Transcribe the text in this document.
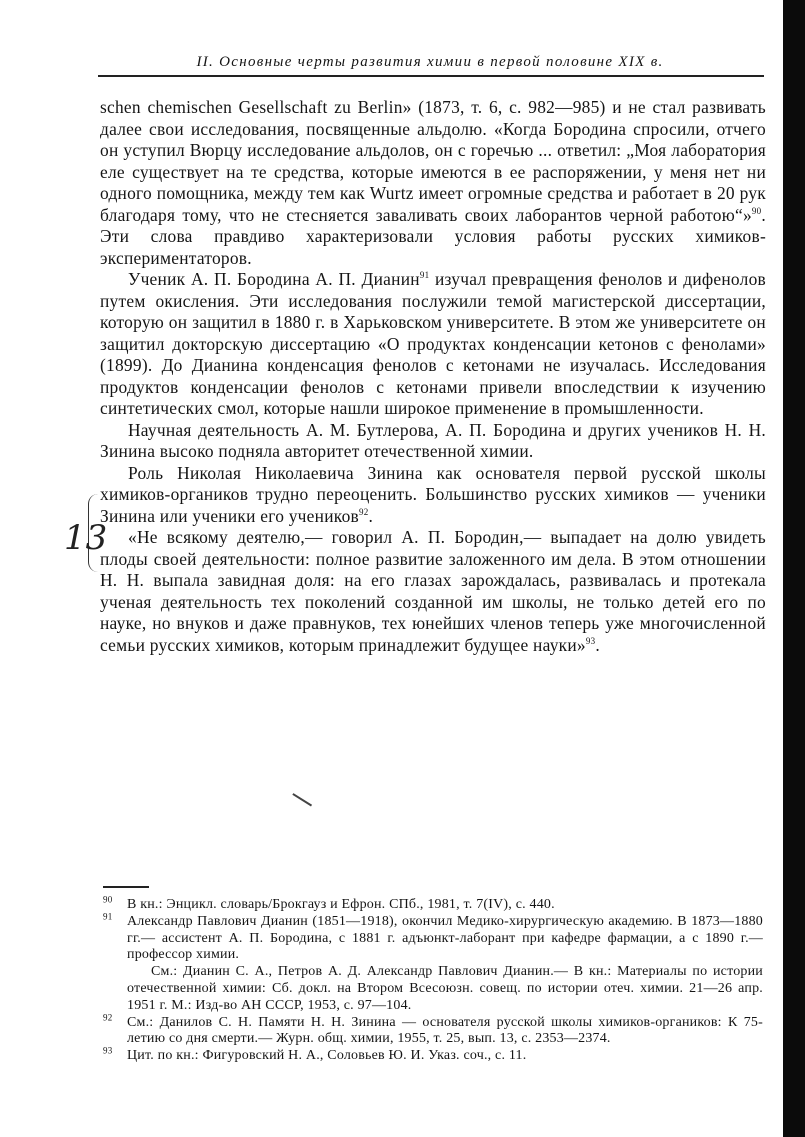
II. Основные черты развития химии в первой половине XIX в.

schen chemischen Gesellschaft zu Berlin» (1873, т. 6, с. 982—985) и не стал развивать далее свои исследования, посвященные альдолю. «Когда Бородина спросили, отчего он уступил Вюрцу исследование альдолов, он с горечью ... ответил: „Моя лаборатория еле существует на те средства, которые имеются в ее распоряжении, у меня нет ни одного помощника, между тем как Wurtz имеет огромные средства и работает в 20 рук благодаря тому, что не стесняется заваливать своих лаборантов черной работою“»$^{90}$. Эти слова правдиво характеризовали условия работы русских химиков-экспериментаторов.

Ученик А. П. Бородина А. П. Дианин$^{91}$ изучал превращения фенолов и дифенолов путем окисления. Эти исследования послужили темой магистерской диссертации, которую он защитил в 1880 г. в Харьковском университете. В этом же университете он защитил докторскую диссертацию «О продуктах конденсации кетонов с фенолами» (1899). До Дианина конденсация фенолов с кетонами не изучалась. Исследования продуктов конденсации фенолов с кетонами привели впоследствии к изучению синтетических смол, которые нашли широкое применение в промышленности.

Научная деятельность А. М. Бутлерова, А. П. Бородина и других учеников Н. Н. Зинина высоко подняла авторитет отечественной химии.

Роль Николая Николаевича Зинина как основателя первой русской школы химиков-органиков трудно переоценить. Большинство русских химиков — ученики Зинина или ученики его учеников$^{92}$.

«Не всякому деятелю,— говорил А. П. Бородин,— выпадает на долю увидеть плоды своей деятельности: полное развитие заложенного им дела. В этом отношении Н. Н. выпала завидная доля: на его глазах зарождалась, развивалась и протекала ученая деятельность тех поколений созданной им школы, не только детей его по науке, но внуков и даже правнуков, тех юнейших членов теперь уже многочисленной семьи русских химиков, которым принадлежит будущее науки»$^{93}$.

13

$^{90}$ В кн.: Энцикл. словарь/Брокгауз и Ефрон. СПб., 1981, т. 7(IV), с. 440.

$^{91}$ Александр Павлович Дианин (1851—1918), окончил Медико-хирургическую академию. В 1873—1880 гг.— ассистент А. П. Бородина, с 1881 г. адъюнкт-лаборант при кафедре фармации, а с 1890 г.— профессор химии.

См.: Дианин С. А., Петров А. Д. Александр Павлович Дианин.— В кн.: Материалы по истории отечественной химии: Сб. докл. на Втором Всесоюзн. совещ. по истории отеч. химии. 21—26 апр. 1951 г. М.: Изд-во АН СССР, 1953, с. 97—104.

$^{92}$ См.: Данилов С. Н. Памяти Н. Н. Зинина — основателя русской школы химиков-органиков: К 75-летию со дня смерти.— Журн. общ. химии, 1955, т. 25, вып. 13, с. 2353—2374.

$^{93}$ Цит. по кн.: Фигуровский Н. А., Соловьев Ю. И. Указ. соч., с. 11.
